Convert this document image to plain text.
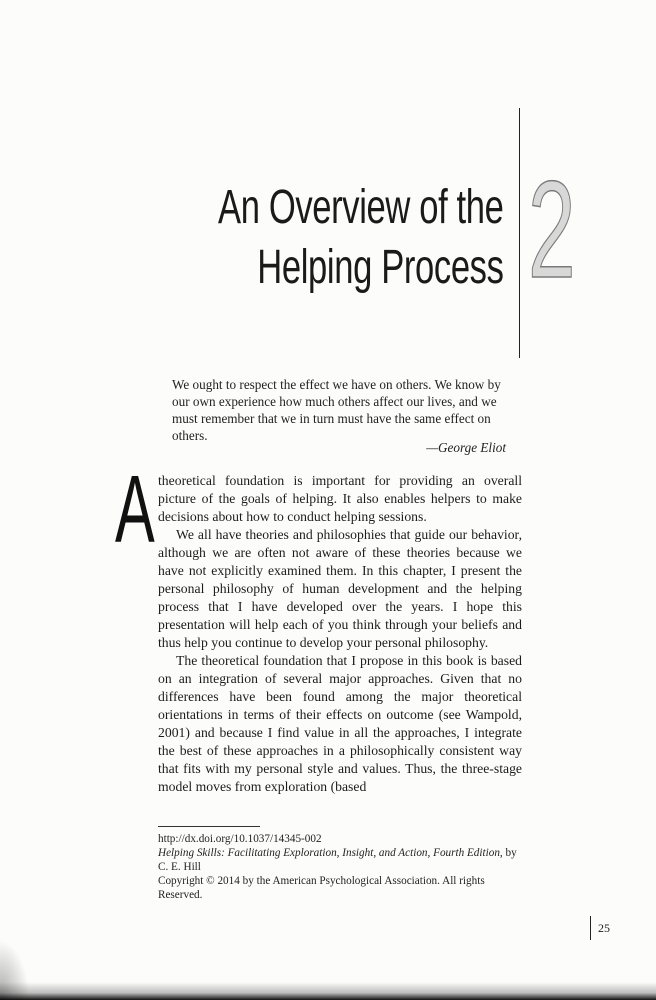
An Overview of the
Helping Process 2
We ought to respect the effect we have on others. We know by our own experience how much others affect our lives, and we must remember that we in turn must have the same effect on others.
—George Eliot
A theoretical foundation is important for providing an overall picture of the goals of helping. It also enables helpers to make decisions about how to conduct helping sessions.

We all have theories and philosophies that guide our behavior, although we are often not aware of these theories because we have not explicitly examined them. In this chapter, I present the personal philosophy of human development and the helping process that I have developed over the years. I hope this presentation will help each of you think through your beliefs and thus help you continue to develop your personal philosophy.

The theoretical foundation that I propose in this book is based on an integration of several major approaches. Given that no differences have been found among the major theoretical orientations in terms of their effects on outcome (see Wampold, 2001) and because I find value in all the approaches, I integrate the best of these approaches in a philosophically consistent way that fits with my personal style and values. Thus, the three-stage model moves from exploration (based

http://dx.doi.org/10.1037/14345-002
Helping Skills: Facilitating Exploration, Insight, and Action, Fourth Edition, by C. E. Hill
Copyright © 2014 by the American Psychological Association. All rights Reserved.
25
